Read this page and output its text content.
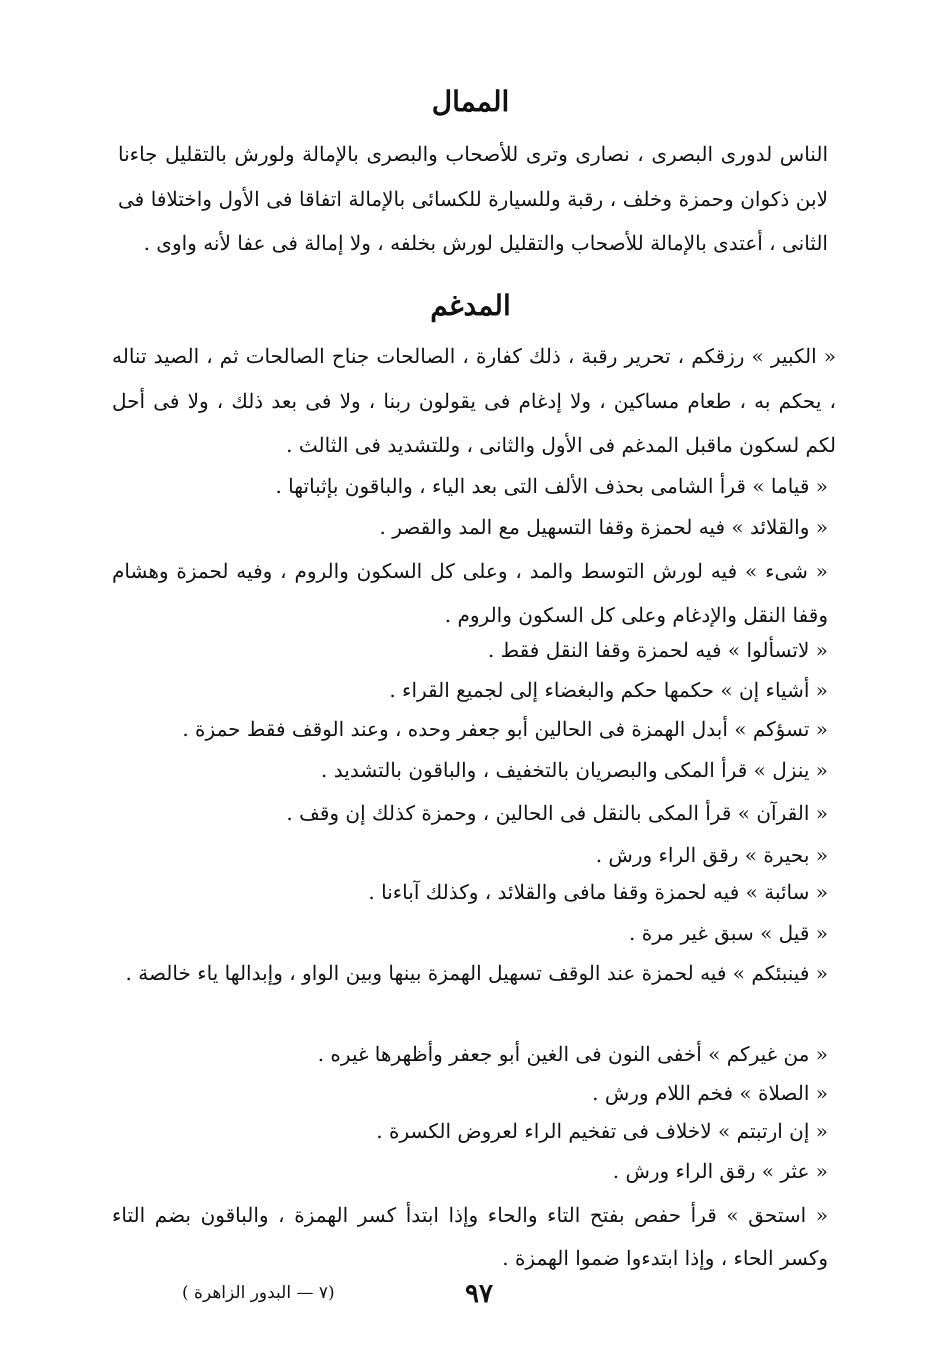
الممال

الناس لدورى البصرى ، نصارى وترى للأصحاب والبصرى بالإمالة ولورش بالتقليل جاءنا لابن ذكوان وحمزة وخلف ، رقبة وللسيارة للكسائى بالإمالة اتفاقا فى الأول واختلافا فى الثانى ، أعتدى بالإمالة للأصحاب والتقليل لورش بخلفه ، ولا إمالة فى عفا لأنه واوى .

المدغم

« الكبير » رزقكم ، تحرير رقبة ، ذلك كفارة ، الصالحات جناح الصالحات ثم ، الصيد تناله ، يحكم به ، طعام مساكين ، ولا إدغام فى يقولون ربنا ، ولا فى بعد ذلك ، ولا فى أحل لكم لسكون ماقبل المدغم فى الأول والثانى ، وللتشديد فى الثالث .

« قياما » قرأ الشامى بحذف الألف التى بعد الياء ، والباقون بإثباتها .

« والقلائد » فيه لحمزة وقفا التسهيل مع المد والقصر .

« شىء » فيه لورش التوسط والمد ، وعلى كل السكون والروم ، وفيه لحمزة وهشام وقفا النقل والإدغام وعلى كل السكون والروم .

« لاتسألوا » فيه لحمزة وقفا النقل فقط .

« أشياء إن » حكمها حكم والبغضاء إلى لجميع القراء .

« تسؤكم » أبدل الهمزة فى الحالين أبو جعفر وحده ، وعند الوقف فقط حمزة .

« ينزل » قرأ المكى والبصريان بالتخفيف ، والباقون بالتشديد .

« القرآن » قرأ المكى بالنقل فى الحالين ، وحمزة كذلك إن وقف .

« بحيرة » رقق الراء ورش .

« سائبة » فيه لحمزة وقفا مافى والقلائد ، وكذلك آباءنا .

« قيل » سبق غير مرة .

« فينبئكم » فيه لحمزة عند الوقف تسهيل الهمزة بينها وبين الواو ، وإبدالها ياء خالصة .

« من غيركم » أخفى النون فى الغين أبو جعفر وأظهرها غيره .

« الصلاة » فخم اللام ورش .

« إن ارتبتم » لاخلاف فى تفخيم الراء لعروض الكسرة .

« عثر » رقق الراء ورش .

« استحق » قرأ حفص بفتح التاء والحاء وإذا ابتدأ كسر الهمزة ، والباقون بضم التاء وكسر الحاء ، وإذا ابتدءوا ضموا الهمزة .

٩٧
(٧ — البدور الزاهرة )
